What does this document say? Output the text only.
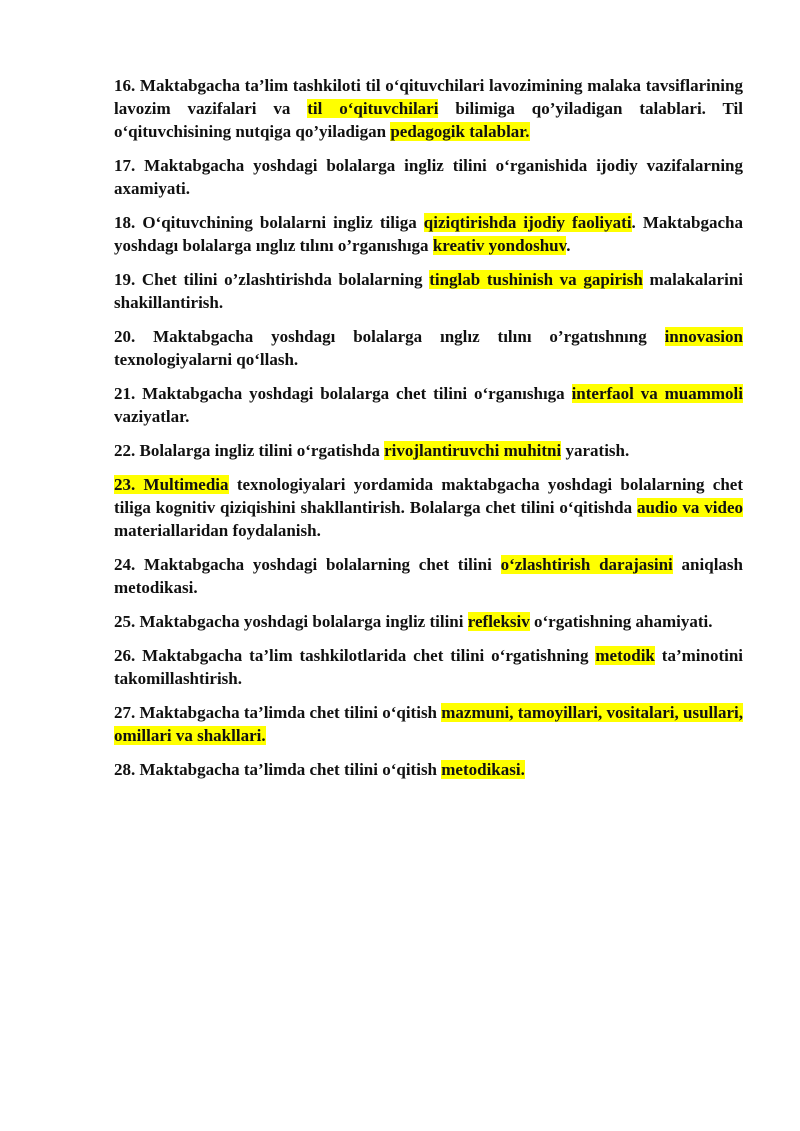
16. Maktabgacha ta’lim tashkiloti til o‘qituvchilari lavozimining malaka tavsiflarining lavozim vazifalari va til o‘qituvchilari bilimiga qo’yiladigan talablari. Til o‘qituvchisining nutqiga qo’yiladigan pedagogik talablar.
17. Maktabgacha yoshdagi bolalarga ingliz tilini o‘rganishida ijodiy vazifalarning axamiyati.
18. O‘qituvchining bolalarni ingliz tiliga qiziqtirishda ijodiy faoliyati. Maktabgacha yoshdagı bolalarga ınglız tılını o’rganıshıga kreativ yondoshuv.
19. Chet tilini o’zlashtirishda bolalarning tinglab tushinish va gapirish malakalarini shakillantirish.
20. Maktabgacha yoshdagı bolalarga ınglız tılını o’rgatıshnıng innovasion texnologiyalarni qo‘llash.
21. Maktabgacha yoshdagi bolalarga chet tilini o‘rganıshıga interfaol va muammoli vaziyatlar.
22. Bolalarga ingliz tilini o‘rgatishda rivojlantiruvchi muhitni yaratish.
23. Multimedia texnologiyalari yordamida maktabgacha yoshdagi bolalarning chet tiliga kognitiv qiziqishini shakllantirish. Bolalarga chet tilini o‘qitishda audio va video materiallaridan foydalanish.
24. Maktabgacha yoshdagi bolalarning chet tilini o‘zlashtirish darajasini aniqlash metodikasi.
25. Maktabgacha yoshdagi bolalarga ingliz tilini refleksiv o‘rgatishning ahamiyati.
26. Maktabgacha ta’lim tashkilotlarida chet tilini o‘rgatishning metodik ta’minotini takomillashtirish.
27. Maktabgacha ta’limda chet tilini o‘qitish mazmuni, tamoyillari, vositalari, usullari, omillari va shakllari.
28. Maktabgacha ta’limda chet tilini o‘qitish metodikasi.
